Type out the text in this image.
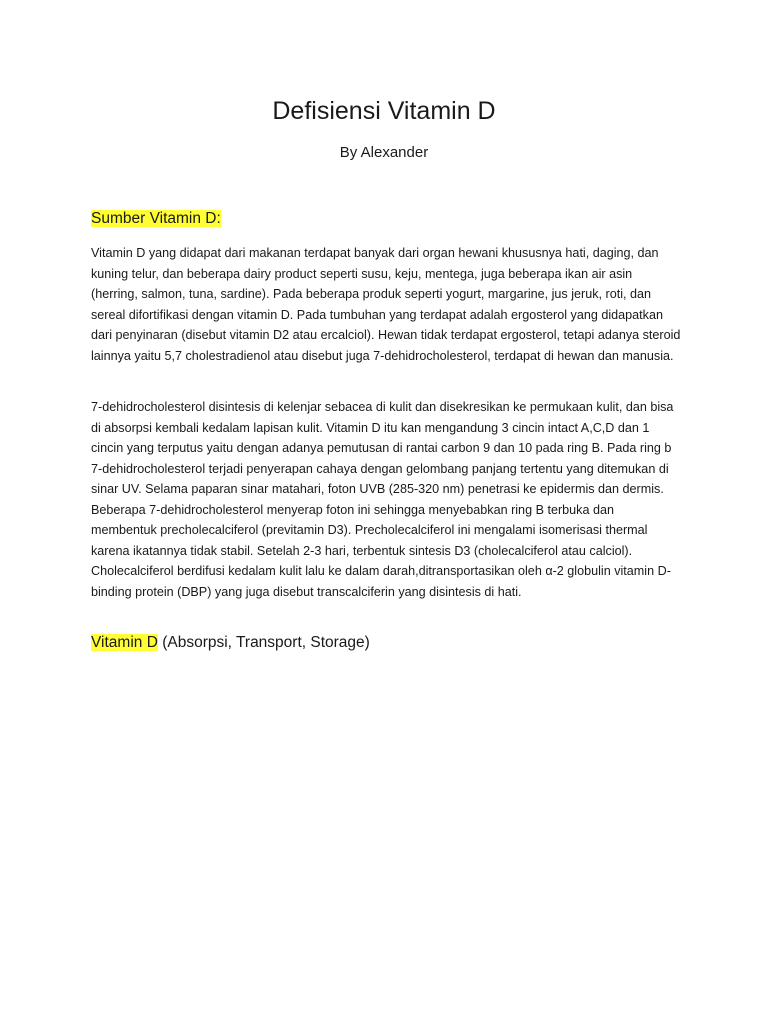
Defisiensi Vitamin D

By Alexander

Sumber Vitamin D:

Vitamin D yang didapat dari makanan terdapat banyak dari organ hewani khususnya hati, daging, dan kuning telur, dan beberapa dairy product seperti susu, keju, mentega, juga beberapa ikan air asin (herring, salmon, tuna, sardine). Pada beberapa produk seperti yogurt, margarine, jus jeruk, roti, dan sereal difortifikasi dengan vitamin D. Pada tumbuhan yang terdapat adalah ergosterol yang didapatkan dari penyinaran (disebut vitamin D2 atau ercalciol). Hewan tidak terdapat ergosterol, tetapi adanya steroid lainnya yaitu 5,7 cholestradienol atau disebut juga 7-dehidrocholesterol, terdapat di hewan dan manusia.

7-dehidrocholesterol disintesis di kelenjar sebacea di kulit dan disekresikan ke permukaan kulit, dan bisa di absorpsi kembali kedalam lapisan kulit. Vitamin D itu kan mengandung 3 cincin intact A,C,D dan 1 cincin yang terputus yaitu dengan adanya pemutusan di rantai carbon 9 dan 10 pada ring B. Pada ring b 7-dehidrocholesterol terjadi penyerapan cahaya dengan gelombang panjang tertentu yang ditemukan di sinar UV. Selama paparan sinar matahari, foton UVB (285-320 nm) penetrasi ke epidermis dan dermis. Beberapa 7-dehidrocholesterol menyerap foton ini sehingga menyebabkan ring B terbuka dan membentuk precholecalciferol (previtamin D3). Precholecalciferol ini mengalami isomerisasi thermal karena ikatannya tidak stabil. Setelah 2-3 hari, terbentuk sintesis D3 (cholecalciferol atau calciol). Cholecalciferol berdifusi kedalam kulit lalu ke dalam darah,ditransportasikan oleh α-2 globulin vitamin D-binding protein (DBP) yang juga disebut transcalciferin yang disintesis di hati.

Vitamin D (Absorpsi, Transport, Storage)
